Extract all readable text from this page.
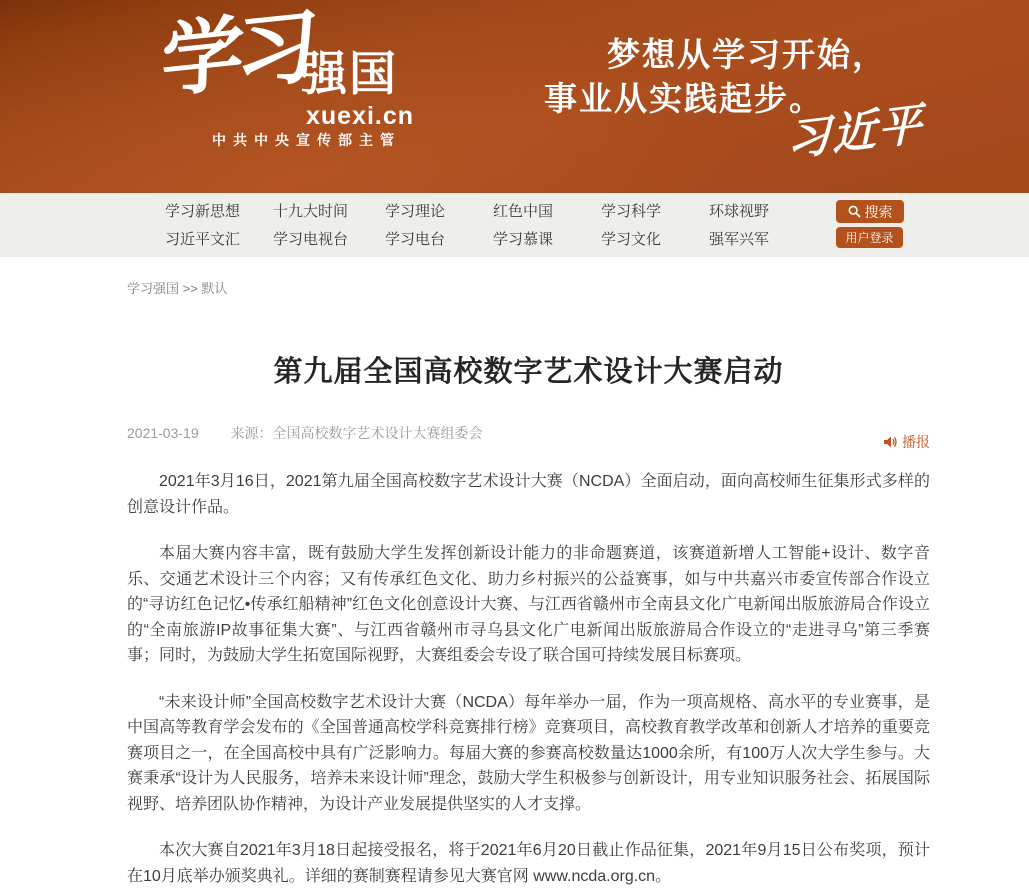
学习
强国
xuexi.cn
中共中央宣传部主管
梦想从学习开始，
事业从实践起步。
习近平
学习新思想	十九大时间	学习理论	红色中国	学习科学	环球视野
习近平文汇	学习电视台	学习电台	学习慕课	学习文化	强军兴军
搜索
用户登录
学习强国 >> 默认
第九届全国高校数字艺术设计大赛启动
2021-03-19 来源：全国高校数字艺术设计大赛组委会
播报

2021年3月16日，2021第九届全国高校数字艺术设计大赛（NCDA）全面启动，面向高校师生征集形式多样的创意设计作品。

本届大赛内容丰富，既有鼓励大学生发挥创新设计能力的非命题赛道，该赛道新增人工智能+设计、数字音乐、交通艺术设计三个内容；又有传承红色文化、助力乡村振兴的公益赛事，如与中共嘉兴市委宣传部合作设立的“寻访红色记忆•传承红船精神”红色文化创意设计大赛、与江西省赣州市全南县文化广电新闻出版旅游局合作设立的“全南旅游IP故事征集大赛”、与江西省赣州市寻乌县文化广电新闻出版旅游局合作设立的“走进寻乌”第三季赛事；同时，为鼓励大学生拓宽国际视野，大赛组委会专设了联合国可持续发展目标赛项。

“未来设计师”全国高校数字艺术设计大赛（NCDA）每年举办一届，作为一项高规格、高水平的专业赛事，是中国高等教育学会发布的《全国普通高校学科竞赛排行榜》竞赛项目，高校教育教学改革和创新人才培养的重要竞赛项目之一，在全国高校中具有广泛影响力。每届大赛的参赛高校数量达1000余所，有100万人次大学生参与。大赛秉承“设计为人民服务，培养未来设计师”理念，鼓励大学生积极参与创新设计，用专业知识服务社会、拓展国际视野、培养团队协作精神，为设计产业发展提供坚实的人才支撑。

本次大赛自2021年3月18日起接受报名，将于2021年6月20日截止作品征集，2021年9月15日公布奖项，预计在10月底举办颁奖典礼。详细的赛制赛程请参见大赛官网 www.ncda.org.cn。
